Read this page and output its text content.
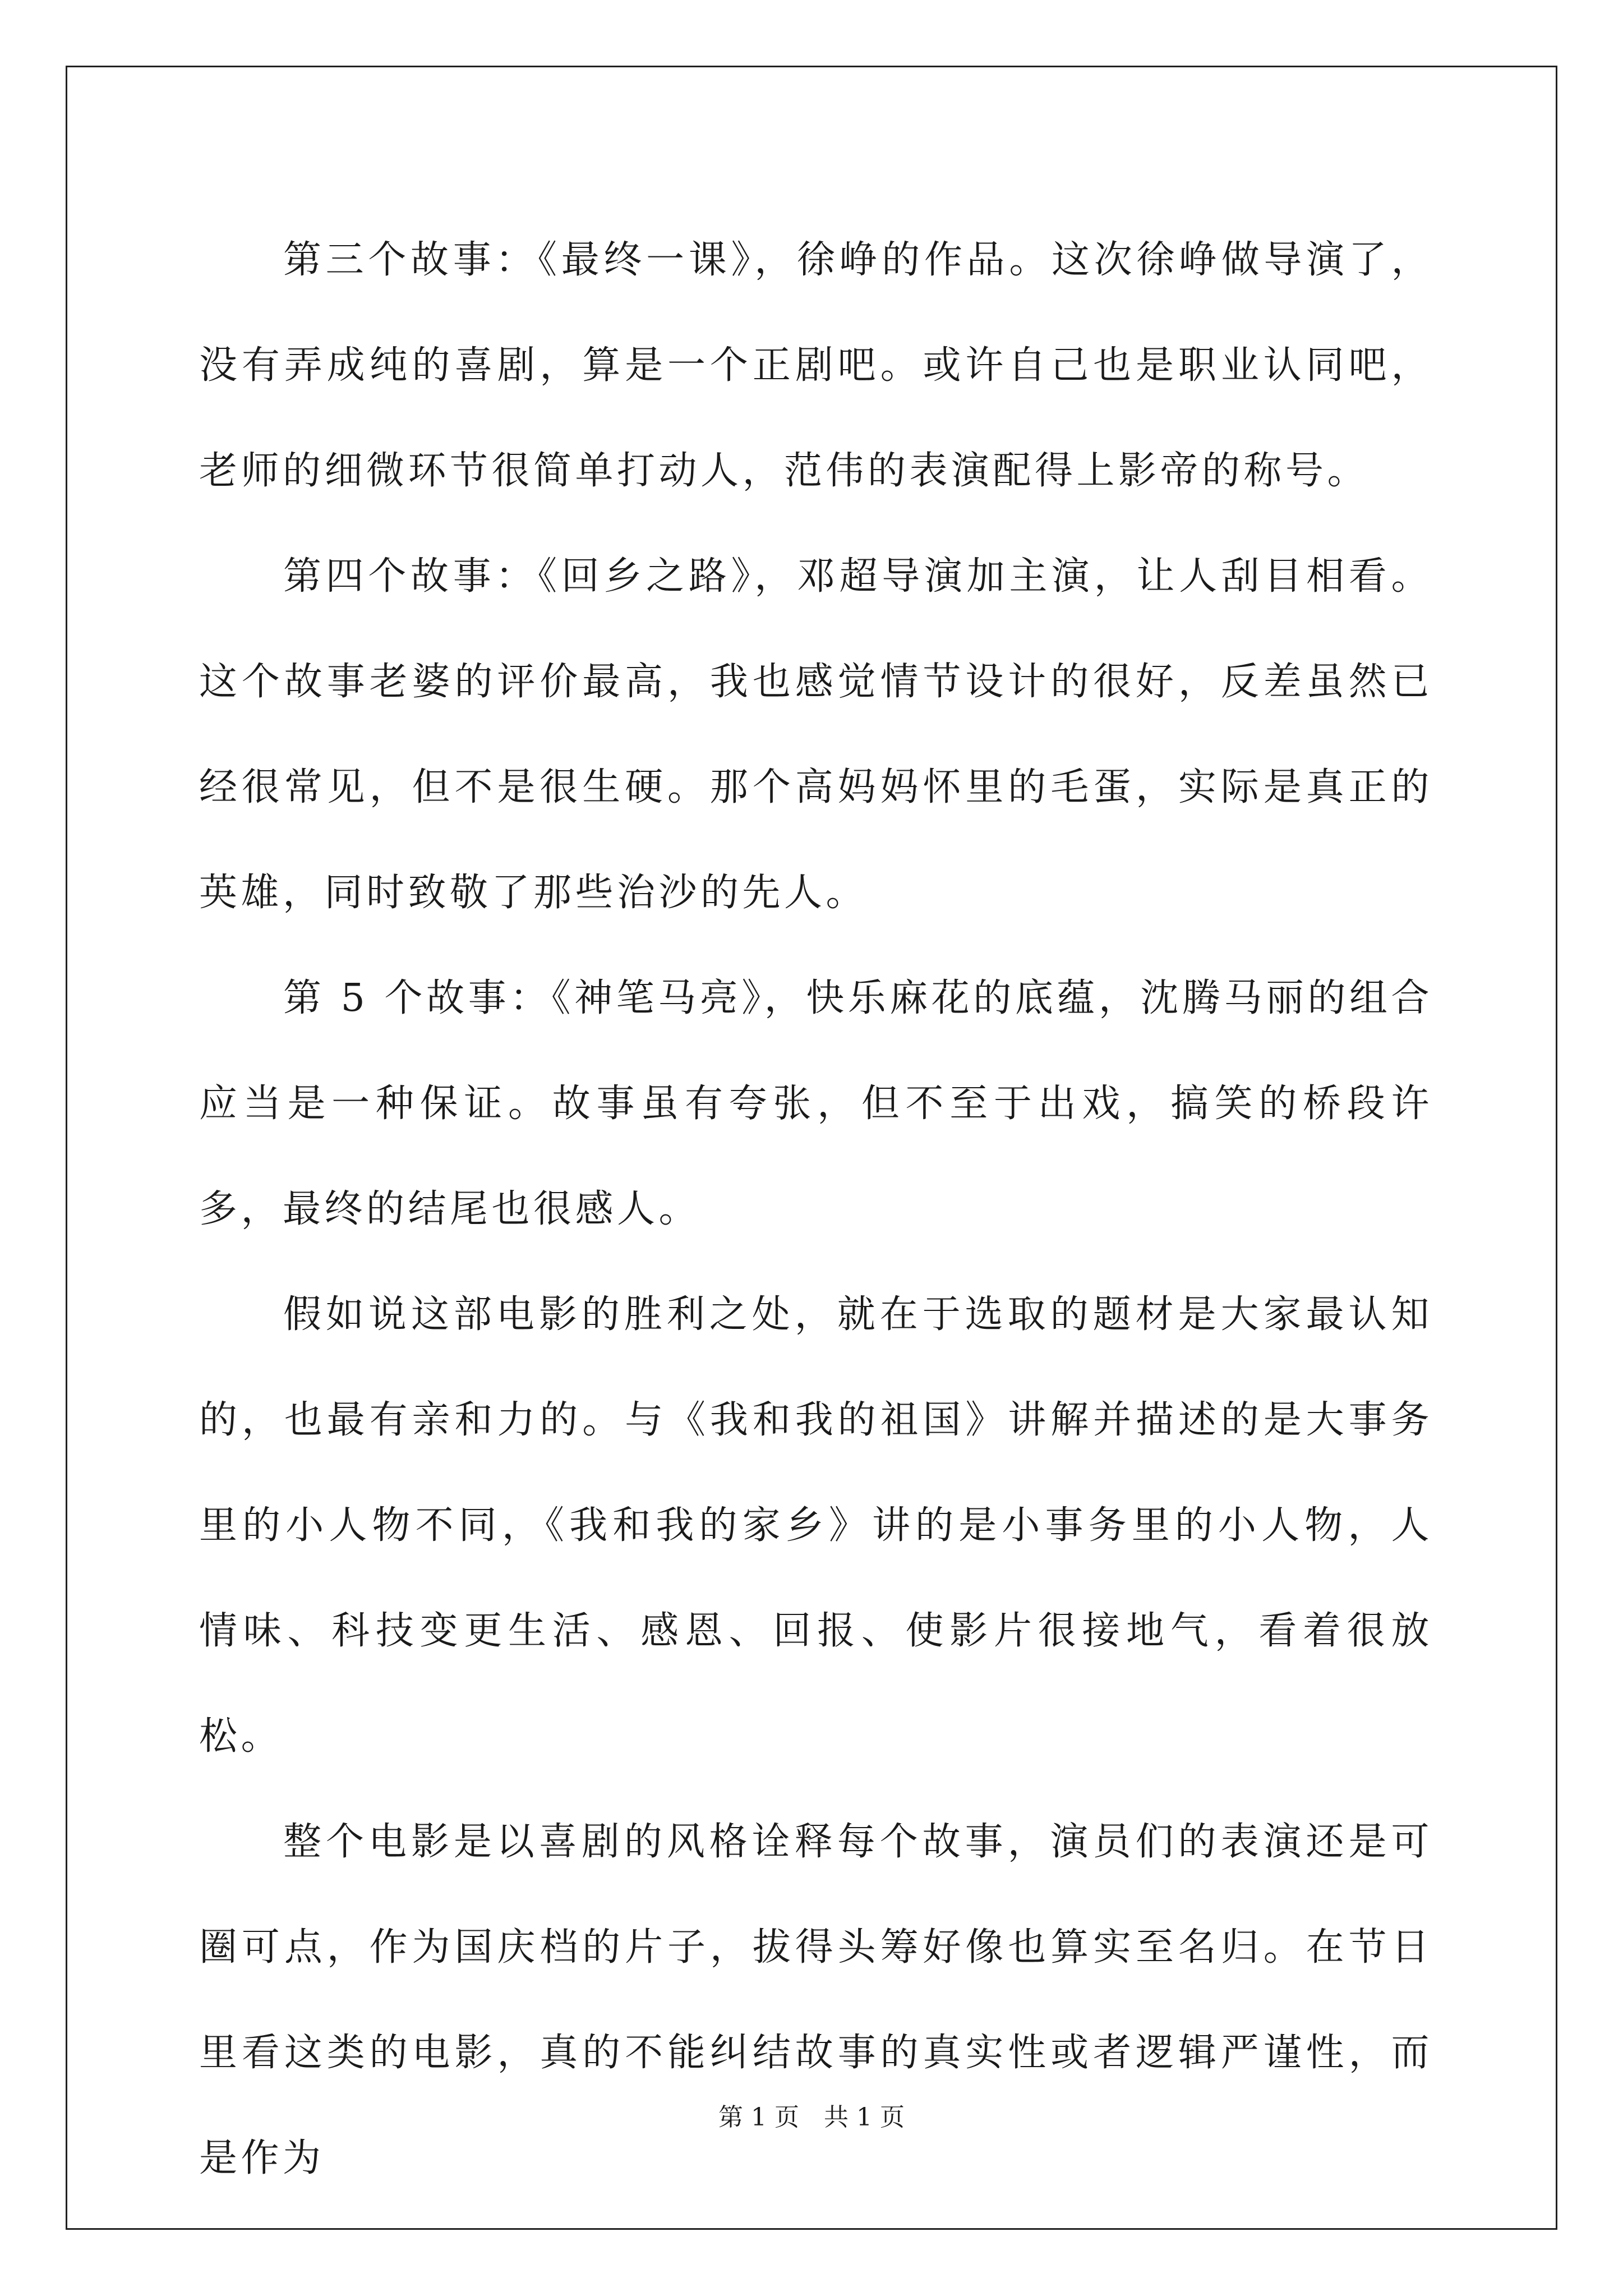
第三个故事：《最终一课》，徐峥的作品。这次徐峥做导演了，没有弄成纯的喜剧，算是一个正剧吧。或许自己也是职业认同吧，老师的细微环节很简单打动人，范伟的表演配得上影帝的称号。

第四个故事：《回乡之路》，邓超导演加主演，让人刮目相看。这个故事老婆的评价最高，我也感觉情节设计的很好，反差虽然已经很常见，但不是很生硬。那个高妈妈怀里的毛蛋，实际是真正的英雄，同时致敬了那些治沙的先人。

第 5 个故事：《神笔马亮》，快乐麻花的底蕴，沈腾马丽的组合应当是一种保证。故事虽有夸张，但不至于出戏，搞笑的桥段许多，最终的结尾也很感人。

假如说这部电影的胜利之处，就在于选取的题材是大家最认知的，也最有亲和力的。与《我和我的祖国》讲解并描述的是大事务里的小人物不同，《我和我的家乡》讲的是小事务里的小人物，人情味、科技变更生活、感恩、回报、使影片很接地气，看着很放松。

整个电影是以喜剧的风格诠释每个故事，演员们的表演还是可圈可点，作为国庆档的片子，拔得头筹好像也算实至名归。在节日里看这类的电影，真的不能纠结故事的真实性或者逻辑严谨性，而是作为

第 1 页　共 1 页
